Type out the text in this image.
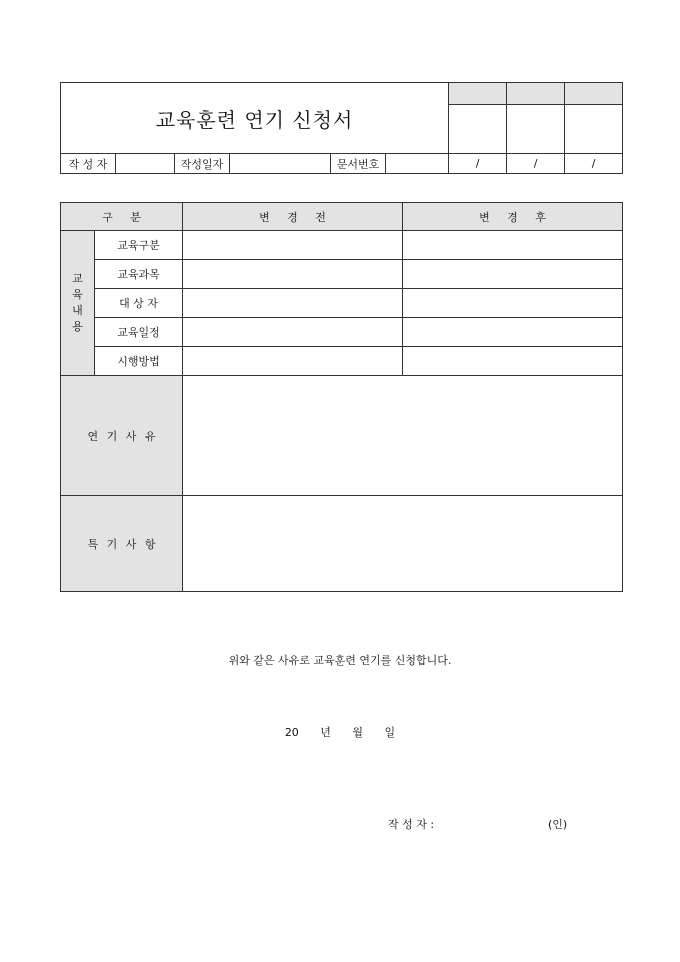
교육훈련 연기 신청서								

작 성 자		작성일자		문서번호		/	/	/
구 분		변 경 전	변 경 후
교
육
내
용	교육구분		
	교육과목		
	대 상 자		
	교육일정		
	시행방법		
연 기 사 유			
특 기 사 항			
위와 같은 사유로 교육훈련 연기를 신청합니다.
20 년 월 일
작 성 자 :	(인)
